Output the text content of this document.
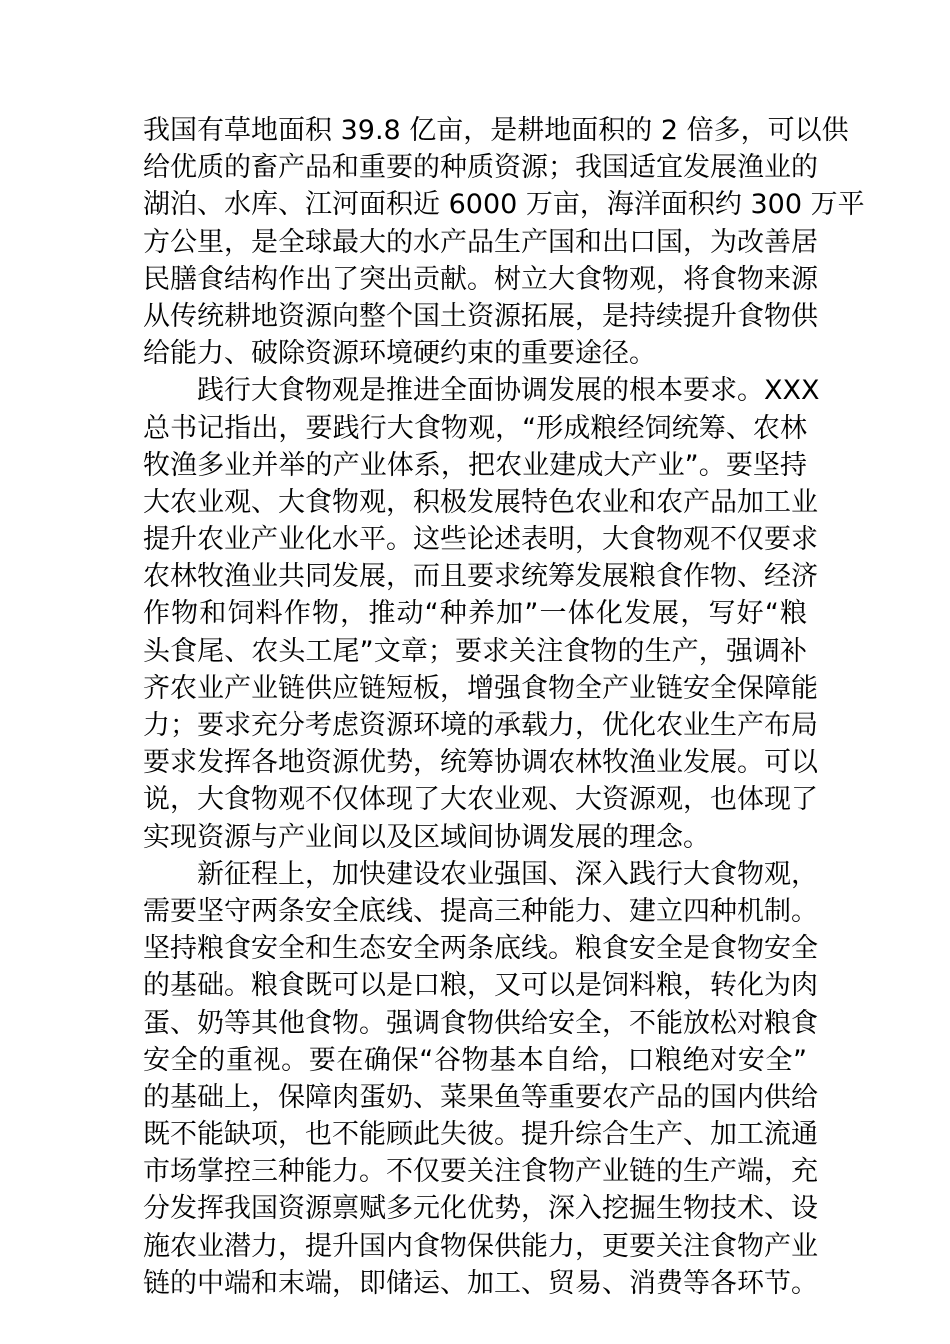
我国有草地面积 39.8 亿亩，是耕地面积的 2 倍多，可以供
给优质的畜产品和重要的种质资源；我国适宜发展渔业的
湖泊、水库、江河面积近 6000 万亩，海洋面积约 300 万平
方公里，是全球最大的水产品生产国和出口国，为改善居
民膳食结构作出了突出贡献。树立大食物观，将食物来源
从传统耕地资源向整个国土资源拓展，是持续提升食物供
给能力、破除资源环境硬约束的重要途径。
践行大食物观是推进全面协调发展的根本要求。XXX
总书记指出，要践行大食物观，“形成粮经饲统筹、农林
牧渔多业并举的产业体系，把农业建成大产业”。要坚持
大农业观、大食物观，积极发展特色农业和农产品加工业
提升农业产业化水平。这些论述表明，大食物观不仅要求
农林牧渔业共同发展，而且要求统筹发展粮食作物、经济
作物和饲料作物，推动“种养加”一体化发展，写好“粮
头食尾、农头工尾”文章；要求关注食物的生产，强调补
齐农业产业链供应链短板，增强食物全产业链安全保障能
力；要求充分考虑资源环境的承载力，优化农业生产布局
要求发挥各地资源优势，统筹协调农林牧渔业发展。可以
说，大食物观不仅体现了大农业观、大资源观，也体现了
实现资源与产业间以及区域间协调发展的理念。
新征程上，加快建设农业强国、深入践行大食物观，
需要坚守两条安全底线、提高三种能力、建立四种机制。
坚持粮食安全和生态安全两条底线。粮食安全是食物安全
的基础。粮食既可以是口粮，又可以是饲料粮，转化为肉
蛋、奶等其他食物。强调食物供给安全，不能放松对粮食
安全的重视。要在确保“谷物基本自给，口粮绝对安全”
的基础上，保障肉蛋奶、菜果鱼等重要农产品的国内供给
既不能缺项，也不能顾此失彼。提升综合生产、加工流通
市场掌控三种能力。不仅要关注食物产业链的生产端，充
分发挥我国资源禀赋多元化优势，深入挖掘生物技术、设
施农业潜力，提升国内食物保供能力，更要关注食物产业
链的中端和末端，即储运、加工、贸易、消费等各环节。
